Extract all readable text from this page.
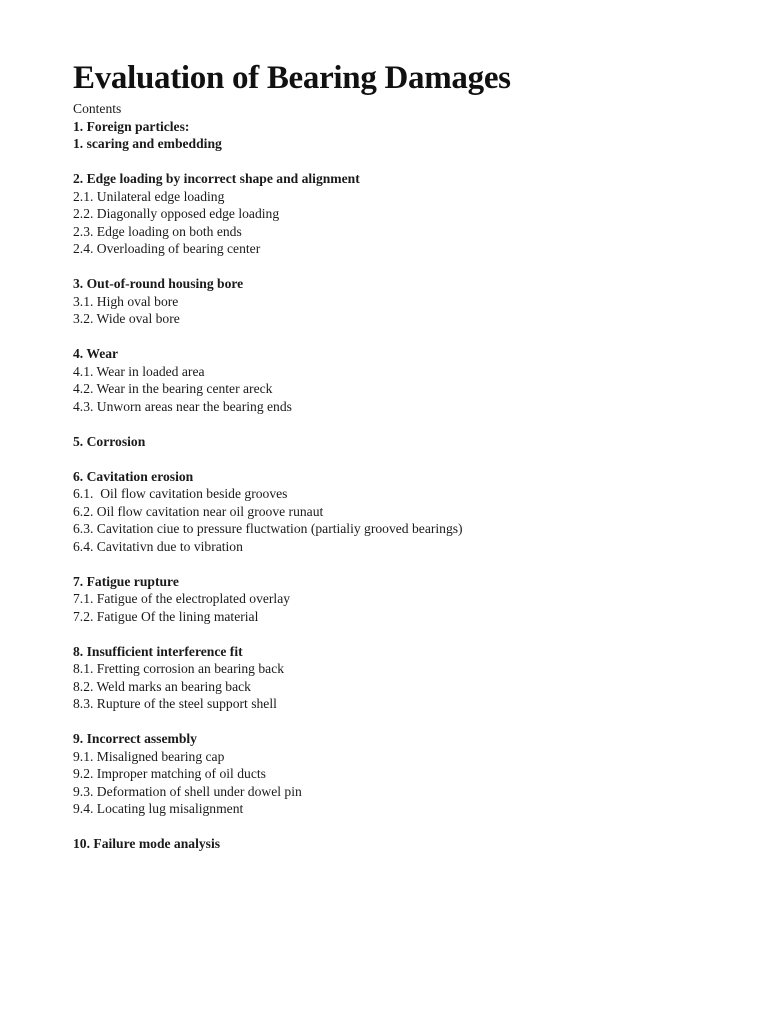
Evaluation of Bearing Damages
Contents
1. Foreign particles:
1. scaring and embedding
2. Edge loading by incorrect shape and alignment
2.1. Unilateral edge loading
2.2. Diagonally opposed edge loading
2.3. Edge loading on both ends
2.4. Overloading of bearing center
3. Out-of-round housing bore
3.1. High oval bore
3.2. Wide oval bore
4. Wear
4.1. Wear in loaded area
4.2. Wear in the bearing center areck
4.3. Unworn areas near the bearing ends
5. Corrosion
6. Cavitation erosion
6.1.  Oil flow cavitation beside grooves
6.2. Oil flow cavitation near oil groove runaut
6.3. Cavitation ciue to pressure fluctwation (partialiy grooved bearings)
6.4. Cavitativn due to vibration
7. Fatigue rupture
7.1. Fatigue of the electroplated overlay
7.2. Fatigue Of the lining material
8. Insufficient interference fit
8.1. Fretting corrosion an bearing back
8.2. Weld marks an bearing back
8.3. Rupture of the steel support shell
9. Incorrect assembly
9.1. Misaligned bearing cap
9.2. Improper matching of oil ducts
9.3. Deformation of shell under dowel pin
9.4. Locating lug misalignment
10. Failure mode analysis
